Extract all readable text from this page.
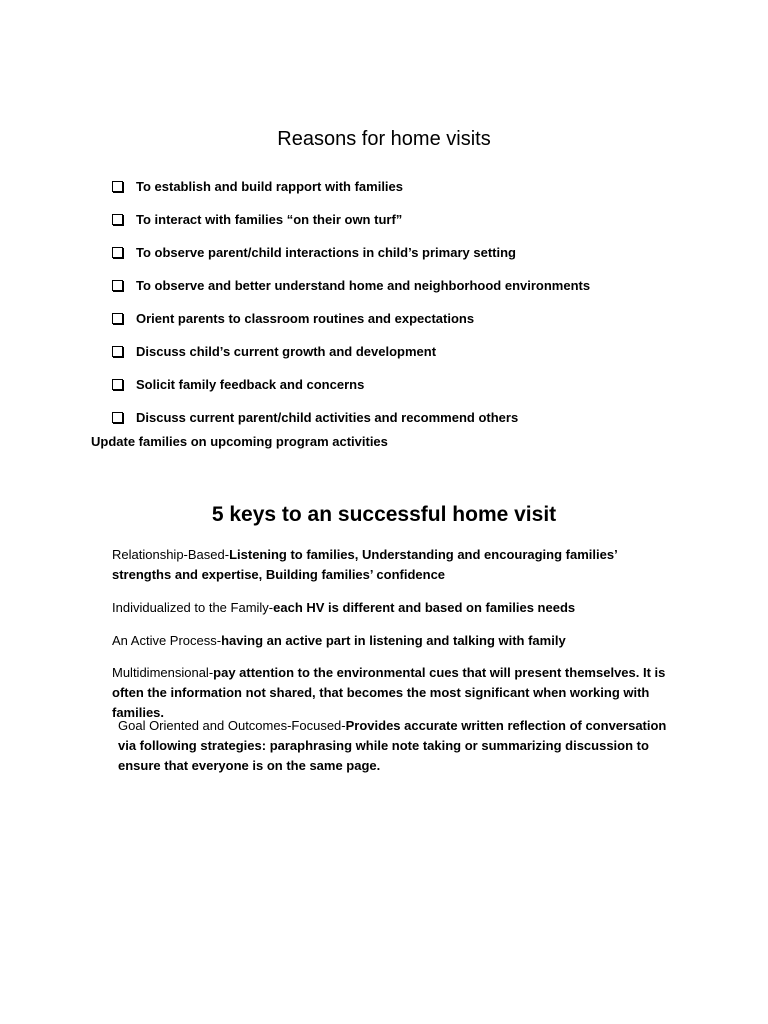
Reasons for home visits
To establish and build rapport with families
To interact with families “on their own turf”
To observe parent/child interactions in child’s primary setting
To observe and better understand home and neighborhood environments
Orient parents to classroom routines and expectations
Discuss child’s current growth and development
Solicit family feedback and concerns
Discuss current parent/child activities and recommend others
Update families on upcoming program activities
5 keys to an successful home visit

Relationship-Based-Listening to families, Understanding and encouraging families’ strengths and expertise, Building families’ confidence

Individualized to the Family-each HV is different and based on families needs

An Active Process-having an active part in listening and talking with family

Multidimensional-pay attention to the environmental cues that will present themselves. It is often the information not shared, that becomes the most significant when working with families.

Goal Oriented and Outcomes-Focused-Provides accurate written reflection of conversation via following strategies: paraphrasing while note taking or summarizing discussion to ensure that everyone is on the same page.
